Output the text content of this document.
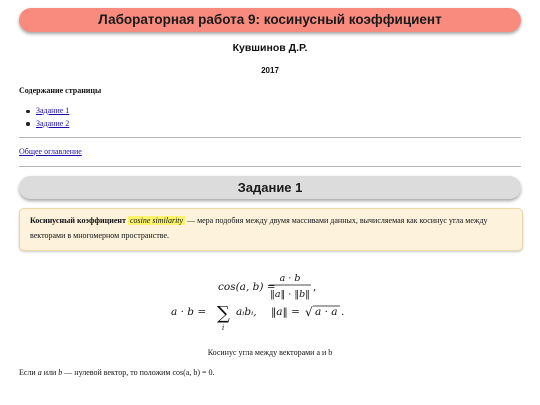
Лабораторная работа 9: косинусный коэффициент
Кувшинов Д.Р.
2017
Содержание страницы
Задание 1
Задание 2
Общее оглавление
Задание 1
Косинусный коэффициент cosine similarity — мера подобия между двумя массивами данных, вычисляемая как косинус угла между векторами в многомерном пространстве.
cos(a, b) =
a · b
‖a‖ · ‖b‖
,
a · b = ∑
i
aᵢbᵢ, ‖a‖ = √ a · a .
Косинус угла между векторами a и b
Если a или b — нулевой вектор, то положим cos(a, b) = 0.
